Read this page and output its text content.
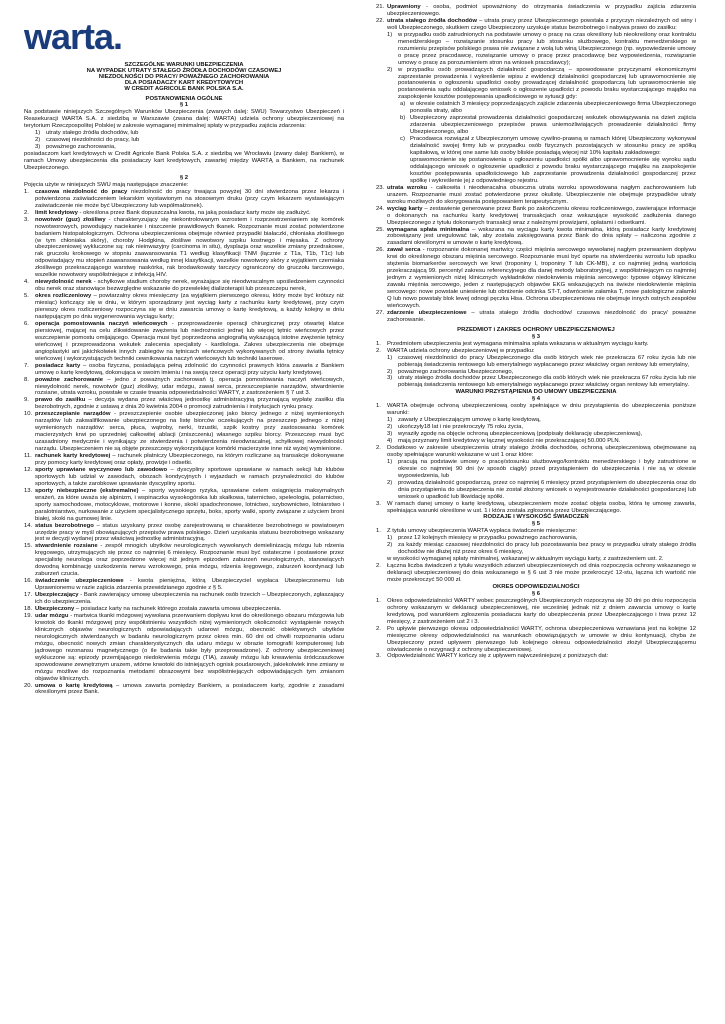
warta.

SZCZEGÓLNE WARUNKI UBEZPIECZENIA

NA WYPADEK UTRATY STAŁEGO ŹRÓDŁA DOCHODÓW/ CZASOWEJ

NIEZDOLNOŚCI DO PRACY/ POWAŻNEGO ZACHOROWANIA

DLA POSIADACZY KART KREDYTOWYCH

W CREDIT AGRICOLE BANK POLSKA S.A.

POSTANOWIENIA OGÓLNE

§ 1

Na podstawie niniejszych Szczególnych Warunków Ubezpieczenia (zwanych dalej: SWU) Towarzystwo Ubezpieczeń i Reasekuracji WARTA S.A. z siedzibą w Warszawie (zwana dalej: WARTA) udziela ochrony ubezpieczeniowej na terytorium Rzeczpospolitej Polskiej w zakresie wymaganej minimalnej spłaty w przypadku zajścia zdarzenia:

1) utraty stałego źródła dochodów, lub
2) czasowej niezdolności do pracy, lub
3) poważnego zachorowania,

posiadaczom kart kredytowych w Credit Agricole Bank Polska S.A. z siedzibą we Wrocławiu (zwany dalej: Bankiem), w ramach Umowy ubezpieczenia dla posiadaczy kart kredytowych, zawartej między WARTĄ a Bankiem, na rachunek Ubezpieczonego.

§ 2

Pojęcia użyte w niniejszych SWU mają następujące znaczenie:

1. czasowa niezdolność do pracy niezdolność do pracy trwająca powyżej 30 dni stwierdzona przez lekarza i potwierdzona zaświadczeniem lekarskim wystawionym na stosownym druku (przy czym lekarzem wystawiającym zaświadczenie nie może być Ubezpieczony lub współmałżonek).
2. limit kredytowy - określona przez Bank dopuszczalna kwota, na jaką posiadacz karty może się zadłużyć.
3. nowotwór (guz) złośliwy - charakteryzujący się niekontrolowanym wzrostem i rozprzestrzenianiem się komórek nowotworowych, powodujący naciekanie i niszczenie prawidłowych tkanek. Rozpoznanie musi zostać potwierdzone badaniem histopatologicznym. Ochrona ubezpieczeniowa obejmuje również przypadki białaczki, chłoniaka złośliwego (w tym chłoniaka skóry), choroby Hodgkina, złośliwe nowotwory szpiku kostnego i mięsaka. Z ochrony ubezpieczeniowej wykluczone są: rak nieinwazyjny (carcinoma in situ), dysplazja oraz wszelkie zmiany przedrakowe, rak gruczołu krokowego w stopniu zaawansowania T1 według klasyfikacji TNM (łącznie z T1a, T1b, T1c) lub odpowiadający mu stopień zaawansowania według innej klasyfikacji, wszelkie nowotwory skóry z wyjątkiem czerniaka złośliwego przekraczającego warstwę naskórka, rak brodawkowaty tarczycy ograniczony do gruczołu tarczowego, wszelkie nowotwory współistniejące z infekcją HIV.
4. niewydolność nerek - schyłkowe stadium choroby nerek, wyrażające się nieodwracalnym upośledzeniem czynności obu nerek oraz stanowiące bezwzględne wskazanie do przewlekłej dializoterapii lub przeszczepu nerek,
5. okres rozliczeniowy – powtarzalny okres miesięczny (za wyjątkiem pierwszego okresu, który może być krótszy niż miesiąc) kończący się w dniu, w którym sporządzany jest wyciąg karty z rachunku karty kredytowej, przy czym pierwszy okres rozliczeniowy rozpoczyna się w dniu zawarcia umowy o kartę kredytową, a każdy kolejny w dniu następującym po dniu wygenerowania wyciągu karty;
6. operacja pomostowania naczyń wieńcowych - przeprowadzenie operacji chirurgicznej przy otwartej klatce piersiowej, mającej na celu zlikwidowanie zwężenia lub niedrożności jednej lub więcej tętnic wieńcowych przez wszczepienie pomostu omijającego. Operacja musi być poprzedzona angiografią wykazującą istotne zwężenie tętnicy wieńcowej i przeprowadzona wskutek zalecenia specjalisty - kardiologa. Zakres ubezpieczenia nie obejmuje angioplastyki ani jakichkolwiek innych zabiegów na tętnicach wieńcowych wykonywanych od strony światła tętnicy wieńcowej i wykorzystujących techniki cewnikowania naczyń wieńcowych lub techniki laserowe.
7. posiadacz karty – osoba fizyczna, posiadająca pełną zdolność do czynności prawnych która zawarła z Bankiem umowę o kartę kredytową, dokonująca w swoim imieniu i na swoją rzecz operacji przy użyciu karty kredytowej.
8. poważne zachorowanie – jedno z poważnych zachorowań tj. operacja pomostowania naczyń wieńcowych, niewydolność nerek, nowotwór (guz) złośliwy, udar mózgu, zawał serca, przeszczepianie narządów, stwardnienie rozsiane, utrata wzroku, powstałe w czasie trwania odpowiedzialności WARTY, z zastrzeżeniem § 7 ust 3.
9. prawo do zasiłku – decyzja wydana przez właściwą jednostkę administracyjną przyznającą wypłatę zasiłku dla bezrobotnych, zgodnie z ustawą z dnia 20 kwietnia 2004 o promocji zatrudnienia i instytucjach rynku pracy.
10. przeszczepianie narządów - przeszczepienie osobie ubezpieczonej jako biorcy jednego z niżej wymienionych narządów lub zakwalifikowanie ubezpieczonego na listę biorców oczekujących na przeszczep jednego z niżej wymienionych narządów: serca, płuca, wątroby, nerki, trzustki, szpik kostny przy zastosowaniu komórek macierzystych krwi po uprzedniej całkowitej ablacji (zniszczeniu) własnego szpiku biorcy. Przeszczep musi być uzasadniony medycznie i wynikający ze stwierdzenia i potwierdzenia nieodwracalnej, schyłkowej niewydolności narządu. Ubezpieczeniem nie są objęte przeszczepy wykorzystujące komórki macierzyste inne niż wyżej wymienione.
11. rachunek karty kredytowej – rachunek płatniczy Ubezpieczonego, na którym rozliczane są transakcje dokonywane przy pomocy karty kredytowej oraz opłaty, prowizje i odsetki.
12. sporty uprawiane wyczynowo lub zawodowo – dyscypliny sportowe uprawiane w ramach sekcji lub klubów sportowych lub udział w zawodach, obozach kondycyjnych i wyjazdach w ramach przynależności do klubów sportowych, a także zarobkowe uprawianie dyscypliny sportu.
13. sporty niebezpieczne (ekstremalne) – sporty wysokiego ryzyka, uprawiane celem osiągnięcia maksymalnych wrażeń, za które uważa się alpinizm, i wspinaczka wysokogórska lub skałkowa, taternictwo, speleologia, polarnictwo, sporty samochodowe, motocyklowe, motorowe i konne, skoki spadochronowe, lotnictwo, szybownictwo, lotniarstwo i paralotniarstwo, nurkowanie z użyciem specjalistycznego sprzętu, boks, sporty walki, sporty związane z użyciem broni białej, skoki na gumowej linie.
14. status bezrobotnego – status uzyskany przez osobę zarejestrowaną w charakterze bezrobotnego w powiatowym urzędzie pracy w myśl obowiązujących przepisów prawa polskiego. Dzień uzyskania statusu bezrobotnego wskazany jest w decyzji wydanej przez właściwą jednostkę administracyjną.
15. stwardnienie rozsiane - zespół mnogich ubytków neurologicznych wywołanych demielinizacją mózgu lub rdzenia kręgowego, utrzymujących się przez co najmniej 6 miesięcy. Rozpoznanie musi być ostateczne i postawione przez specjalistę neurologa oraz poprzedzone więcej niż jednym epizodem zaburzeń neurologicznych, stanowiących dowodną kombinację uszkodzenia nerwu wzrokowego, pnia mózgu, rdzenia kręgowego, zaburzeń koordynacji lub zaburzeń czucia.
16. świadczenie ubezpieczeniowe - kwota pieniężna, którą Ubezpieczyciel wypłaca Ubezpieczonemu lub Uprawnionemu w razie zajścia zdarzenia przewidzianego zgodnie z § 5.
17. Ubezpieczający - Bank zawierający umowę ubezpieczenia na rachunek osób trzecich – Ubezpieczonych, zgłaszający ich do ubezpieczenia.
18. Ubezpieczony – posiadacz karty na rachunek którego została zawarta umowa ubezpieczenia.
19. udar mózgu - martwica tkanki mózgowej wywołana przerwaniem dopływu krwi do określonego obszaru mózgowia lub krwotok do tkanki mózgowej przy współistnieniu wszystkich niżej wymienionych okoliczności: wystąpienie nowych klinicznych objawów neurologicznych odpowiadających udarowi mózgu, obecność obiektywnych ubytków neurologicznych stwierdzanych w badaniu neurologicznym przez okres min. 60 dni od chwili rozpoznania udaru mózgu, obecność nowych zmian charakterystycznych dla udaru mózgu w obrazie tomografii komputerowej lub jądrowego rezonansu magnetycznego (o ile badania takie były przeprowadzone). Z ochrony ubezpieczeniowej wykluczone są: epizody przemijającego niedokrwienia mózgu (TIA), zawały mózgu lub krwawienia śródczaszkowe spowodowane zewnętrznym urazem, wtórne krwotoki do istniejących ognisk poudarowych, jakiekolwiek inne zmiany w mózgu możliwe do rozpoznania metodami obrazowymi bez współistniejących odpowiadających tym zmianom objawów klinicznych.
20. umowa o kartę kredytową – umowa zawarta pomiędzy Bankiem, a posiadaczem karty, zgodnie z zasadami określonymi przez Bank.
21. Uprawniony - osoba, podmiot upoważniony do otrzymania świadczenia w przypadku zajścia zdarzenia ubezpieczeniowego.
22. utrata stałego źródła dochodów – utrata pracy przez Ubezpieczonego powstała z przyczyn niezależnych od winy i woli Ubezpieczonego, skutkiem czego Ubezpieczony uzyskuje status bezrobotnego i nabywa prawo do zasiłku:
1) w przypadku osób zatrudnionych na podstawie umowy o pracę na czas określony lub nieokreślony oraz kontraktu menedżerskiego – rozwiązanie stosunku pracy lub stosunku służbowego, kontraktu menedżerskiego w rozumieniu przepisów polskiego prawa nie związane z wolą lub winą Ubezpieczonego (np. wypowiedzenie umowy o pracę przez pracodawcę, rozwiązanie umowy o pracę przez pracodawcę bez wypowiedzenia, rozwiązanie umowy o pracę za porozumieniem stron na wniosek pracodawcy);
2) w przypadku osób prowadzących działalność gospodarczą – spowodowane przyczynami ekonomicznymi zaprzestanie prowadzenia i wykreślenie wpisu z ewidencji działalności gospodarczej lub uprawomocnienie się postanowienia o ogłoszeniu upadłości osoby prowadzącej działalność gospodarczą lub uprawomocnienie się postanowienia sądu oddalającego wniosek o ogłoszenie upadłości z powodu braku wystarczającego majątku na zaspokojenie kosztów postępowania upadłościowego w sytuacji gdy:
a) w okresie ostatnich 3 miesięcy poprzedzających zajście zdarzenia ubezpieczeniowego firma Ubezpieczonego ponosiła straty, albo
b) Ubezpieczony zaprzestał prowadzenia działalności gospodarczej wskutek obowiązywania na dzień zajścia zdarzenia ubezpieczeniowego przepisów prawa uniemożliwiających prowadzenie działalności firmy Ubezpieczonego, albo
c) Pracodawca rozwiązał z Ubezpieczonym umowę cywilno-prawną w ramach której Ubezpieczony wykonywał działalność swojej firmy lub w przypadku osób fizycznych pozostających w stosunku pracy ze spółką kapitałową, w której one same lub osoby bliskie posiadają więcej niż 10% kapitału zakładowego:
uprawomocnienie się postanowienia o ogłoszeniu upadłości spółki albo uprawomocnienie się wyroku sądu oddalającego wniosek o ogłoszenie upadłości z powodu braku wystarczającego majątku na zaspokojenie kosztów postępowania upadłościowego lub zaprzestanie prowadzenia działalności gospodarczej przez spółkę i wykreślenie jej z odpowiedniego rejestru.
23. utrata wzroku - całkowita i nieodwracalna obuoczna utrata wzroku spowodowana nagłym zachorowaniem lub urazem. Rozpoznanie musi zostać potwierdzone przez okulistę. Ubezpieczenie nie obejmuje przypadków utraty wzroku możliwych do skorygowania postępowaniem terapeutycznym.
24. wyciąg karty – zestawienie generowane przez Bank po zakończeniu okresu rozliczeniowego, zawierające informacje o dokonanych na rachunku karty kredytowej transakcjach oraz wskazujące wysokość zadłużenia danego Ubezpieczonego z tytułu dokonanych transakcji wraz z należnymi prowizjami, opłatami i odsetkami.
25. wymagana spłata minimalna – wskazana na wyciągu karty kwota minimalna, którą posiadacz karty kredytowej zobowiązany jest uregulować tak, aby została zaksięgowana przez Bank do dnia spłaty – naliczona zgodnie z zasadami określonymi w umowie o kartę kredytową.
26. zawał serca - rozpoznanie dokonanej martwicy części mięśnia sercowego wywołanej nagłym przerwaniem dopływu krwi do określonego obszaru mięśnia sercowego. Rozpoznanie musi być oparte na stwierdzeniu wzrostu lub spadku stężenia biomarkerów sercowych we krwi (troponiny I, troponiny T lub CK-MB), z co najmniej jedną wartością przekraczającą 99. percentyl zakresu referencyjnego dla danej metody laboratoryjnej, z współistniejącym co najmniej jednym z wymienionych niżej klinicznych wykładników niedokrwienia mięśnia sercowego: typowe objawy kliniczne zawału mięśnia sercowego, jeden z następujących objawów EKG wskazujących na świeże niedokrwienie mięśnia sercowego: nowe powstałe uniesienie lub obniżenie odcinka ST-T, odwrócenie załamka T, nowe patologiczne załamki Q lub nowo powstały blok lewej odnogi pęczka Hisa. Ochrona ubezpieczeniowa nie obejmuje innych ostrych zespołów wieńcowych.
27. zdarzenie ubezpieczeniowe – utrata stałego źródła dochodów/ czasowa niezdolność do pracy/ poważne zachorowanie.

PRZEDMIOT i ZAKRES OCHRONY UBEZPIECZENIOWEJ

§ 3

1. Przedmiotem ubezpieczenia jest wymagana minimalna spłata wskazana w aktualnym wyciągu karty.
2. WARTA udziela ochrony ubezpieczeniowej w przypadku:
1) czasowej niezdolności do pracy Ubezpieczonego dla osób których wiek nie przekracza 67 roku życia lub nie pobierają świadczenia rentowego lub emerytalnego wypłacanego przez właściwy organ rentowy lub emerytalny,
2) poważnego zachorowania Ubezpieczonego,
3) utraty stałego źródła dochodów przez Ubezpieczonego dla osób których wiek nie przekracza 67 roku życia lub nie pobierają świadczenia rentowego lub emerytalnego wypłacanego przez właściwy organ rentowy lub emerytalny.

WARUNKI PRZYSTĄPIENIA DO UMOWY UBEZPIECZENIA

§ 4

1. WARTA obejmuje ochroną ubezpieczeniową osoby spełniające w dniu przystąpienia do ubezpieczenia poniższe warunki:
1) zawarły z Ubezpieczającym umowę o kartę kredytową,
2) ukończyły18 lat i nie przekroczyły 75 roku życia,
3) wyraziły zgodę na objęcie ochroną ubezpieczeniową (podpisały deklarację ubezpieczeniową),
4) mają przyznany limit kredytowy w łącznej wysokości nie przekraczającej 50.000 PLN.
2. Dodatkowo w zakresie ubezpieczenia utraty stałego źródła dochodów, ochroną ubezpieczeniową obejmowane są osoby spełniające warunki wskazane w ust 1 oraz które:
1) pracują na podstawie umowy o pracę/stosunku służbowego/kontraktu menedżerskiego i były zatrudnione w okresie co najmniej 90 dni (w sposób ciągły) przed przystąpieniem do ubezpieczenia i nie są w okresie wypowiedzenia, lub
2) prowadzą działalność gospodarczą, przez co najmniej 6 miesięcy przed przystąpieniem do ubezpieczenia oraz do dnia przystąpienia do ubezpieczenia nie został złożony wniosek o wyrejestrowanie działalności gospodarczej lub wniosek o upadłość lub likwidację spółki.
3. W ramach danej umowy o kartę kredytową, ubezpieczeniem może zostać objęta osoba, która tę umowę zawarła, spełniająca warunki określone w ust. 1 i która została zgłoszona przez Ubezpieczającego.

RODZAJE I WYSOKOŚĆ ŚWIADCZEŃ

§ 5

1. Z tytułu umowy ubezpieczenia WARTA wypłaca świadczenie miesięczne:
1) przez 12 kolejnych miesięcy w przypadku poważnego zachorowania,
2) za każdy miesiąc czasowej niezdolności do pracy lub pozostawania bez pracy w przypadku utraty stałego źródła dochodów nie dłużej niż przez okres 6 miesięcy,
w wysokości wymaganej spłaty minimalnej, wskazanej w aktualnym wyciągu karty, z zastrzeżeniem ust. 2.
2. Łączna liczba świadczeń z tytułu wszystkich zdarzeń ubezpieczeniowych od dnia rozpoczęcia ochrony wskazanego w deklaracji ubezpieczeniowej do dnia wskazanego w § 6 ust 3 nie może przekroczyć 12-stu, łączna ich wartość nie może przekroczyć 50 000 zł.

OKRES ODPOWIEDZIALNOŚCI

§ 6

1. Okres odpowiedzialności WARTY wobec poszczególnych Ubezpieczonych rozpoczyna się 30 dni po dniu rozpoczęcia ochrony wskazanym w deklaracji ubezpieczeniowej, nie wcześniej jednak niż z dniem zawarcia umowy o kartę kredytową, pod warunkiem zgłoszenia posiadacza karty do ubezpieczenia przez Ubezpieczającego i trwa przez 12 miesięcy, z zastrzeżeniem ust 2 i 3.
2. Po upływie pierwszego okresu odpowiedzialności WARTY, ochrona ubezpieczeniowa wznawiana jest na kolejne 12 miesięczne okresy odpowiedzialności na warunkach obowiązujących w umowie w dniu kontynuacji, chyba że Ubezpieczony przed upływem pierwszego lub kolejnego okresu odpowiedzialności złożył Ubezpieczającemu oświadczenie o rezygnacji z ochrony ubezpieczeniowej.
3. Odpowiedzialność WARTY kończy się z upływem najwcześniejszej z poniższych dat:
